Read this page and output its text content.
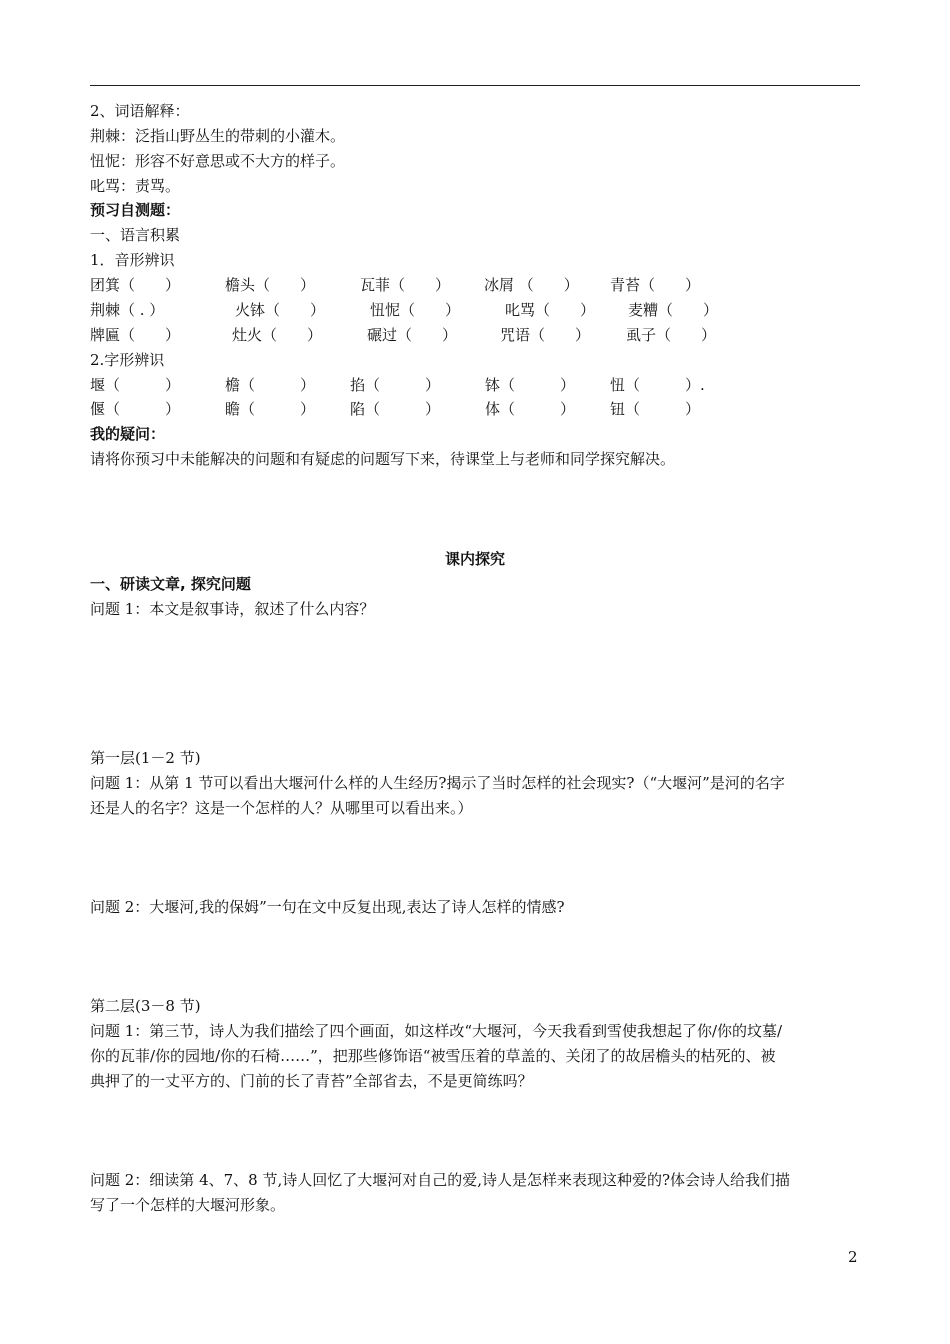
2、词语解释：
荆棘：泛指山野丛生的带刺的小灌木。
忸怩：形容不好意思或不大方的样子。
叱骂：责骂。
预习自测题：
一、语言积累
1．音形辨识
团箕（　　）	檐头（　　）	瓦菲（　　） 冰屑 （　　） 青苔（　　）
荆棘（ . ）	火钵（　　）	忸怩（　　）	叱骂（　　） 麦糟（　　）
牌匾（　　）	灶火（　　）	碾过（　　）	咒语（　　） 虱子（　　）
2.字形辨识
堰（　　　）	檐（　　　） 掐（　　　）	钵（　　　） 忸（　　　）.
偃（　　　）	瞻（　　　） 陷（　　　）	体（　　　） 钮（　　　）
我的疑问：
请将你预习中未能解决的问题和有疑虑的问题写下来，待课堂上与老师和同学探究解决。
课内探究
一、研读文章, 探究问题
问题 1：本文是叙事诗，叙述了什么内容？
第一层(1－2 节)
问题 1：从第 1 节可以看出大堰河什么样的人生经历?揭示了当时怎样的社会现实?（“大堰河”是河的名字
还是人的名字？这是一个怎样的人？从哪里可以看出来。）
问题 2：大堰河,我的保姆”一句在文中反复出现,表达了诗人怎样的情感?
第二层(3－8 节)
问题 1：第三节，诗人为我们描绘了四个画面，如这样改“大堰河，今天我看到雪使我想起了你/你的坟墓/
你的瓦菲/你的园地/你的石椅……”，把那些修饰语“被雪压着的草盖的、关闭了的故居檐头的枯死的、被
典押了的一丈平方的、门前的长了青苔”全部省去，不是更简练吗？
问题 2：细读第 4、7、8 节,诗人回忆了大堰河对自己的爱,诗人是怎样来表现这种爱的?体会诗人给我们描
写了一个怎样的大堰河形象。
2
